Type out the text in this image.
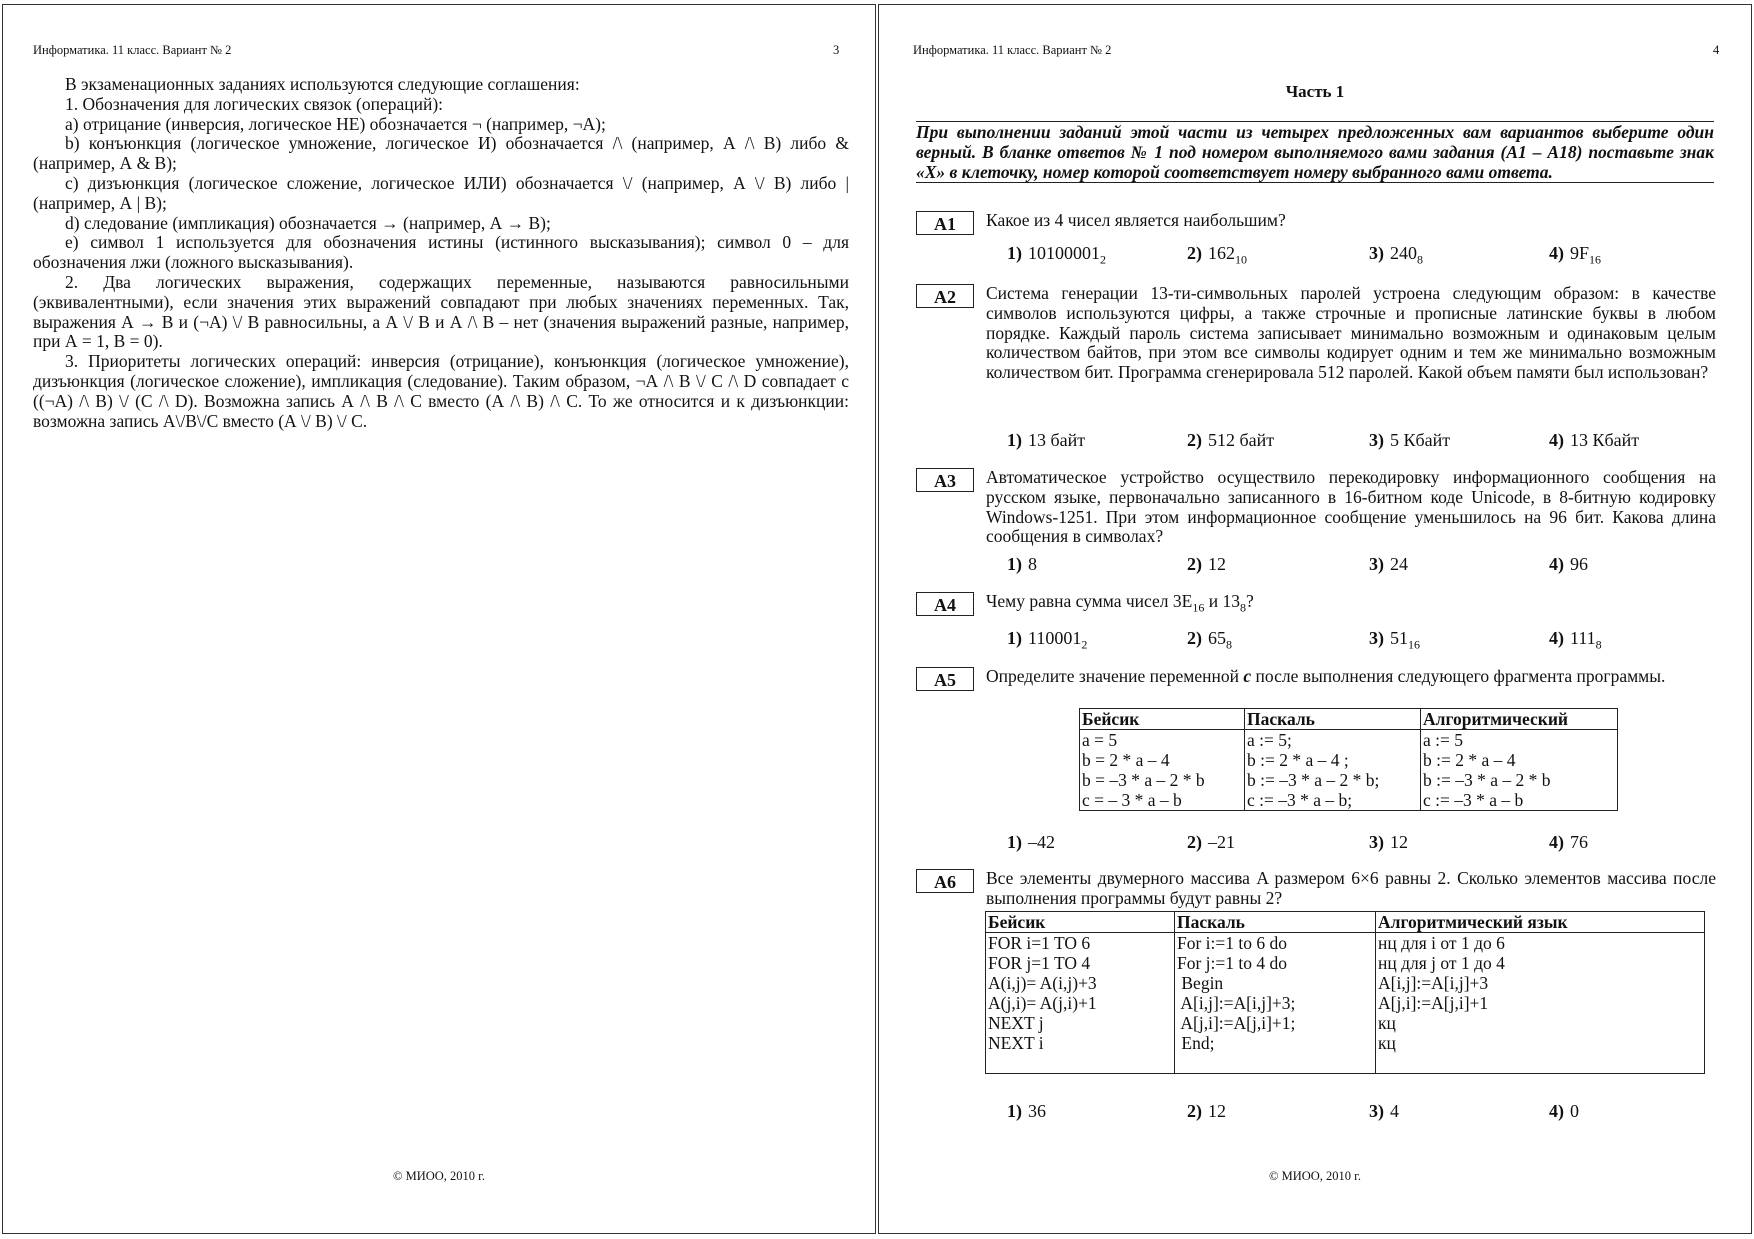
Информатика. 11 класс. Вариант № 2	3

В экзаменационных заданиях используются следующие соглашения:

1. Обозначения для логических связок (операций):

a) отрицание (инверсия, логическое НЕ) обозначается ¬ (например, ¬А);

b) конъюнкция (логическое умножение, логическое И) обозначается /\ (например, А /\ В) либо & (например, А & В);

c) дизъюнкция (логическое сложение, логическое ИЛИ) обозначается \/ (например, А \/ В) либо | (например, А | В);

d) следование (импликация) обозначается → (например, А → В);

e) символ 1 используется для обозначения истины (истинного высказывания); символ 0 – для обозначения лжи (ложного высказывания).

2. Два логических выражения, содержащих переменные, называются равносильными (эквивалентными), если значения этих выражений совпадают при любых значениях переменных. Так, выражения А → В и (¬А) \/ В равносильны, а А \/ В и А /\ В – нет (значения выражений разные, например, при А = 1, В = 0).

3. Приоритеты логических операций: инверсия (отрицание), конъюнкция (логическое умножение), дизъюнкция (логическое сложение), импликация (следование). Таким образом, ¬А /\ В \/ С /\ D совпадает с ((¬А) /\ В) \/ (С /\ D). Возможна запись А /\ В /\ С вместо (А /\ В) /\ С. То же относится и к дизъюнкции: возможна запись А\/В\/С вместо (А \/ В) \/ С.

© МИОО, 2010 г.
Информатика. 11 класс. Вариант № 2	4
Часть 1
При выполнении заданий этой части из четырех предложенных вам вариантов выберите один верный. В бланке ответов № 1 под номером выполняемого вами задания (А1 – А18) поставьте знак «X» в клеточку, номер которой соответствует номеру выбранного вами ответа.
А1	Какое из 4 чисел является наибольшим?
1) $10100001_2$	2) $162_{10}$	3) $240_8$	4) $9F_{16}$
А2	Система генерации 13-ти-символьных паролей устроена следующим образом: в качестве символов используются цифры, а также строчные и прописные латинские буквы в любом порядке. Каждый пароль система записывает минимально возможным и одинаковым целым количеством байтов, при этом все символы кодирует одним и тем же минимально возможным количеством бит. Программа сгенерировала 512 паролей. Какой объем памяти был использован?
1) 13 байт	2) 512 байт	3) 5 Кбайт	4) 13 Кбайт
А3	Автоматическое устройство осуществило перекодировку информационного сообщения на русском языке, первоначально записанного в 16-битном коде Unicode, в 8-битную кодировку Windows-1251. При этом информационное сообщение уменьшилось на 96 бит. Какова длина сообщения в символах?
1) 8	2) 12	3) 24	4) 96
А4	Чему равна сумма чисел $3E_{16}$ и $13_8$?
1) $110001_2$	2) $65_8$	3) $51_{16}$	4) $111_8$
А5	Определите значение переменной c после выполнения следующего фрагмента программы.
Бейсик	Паскаль	Алгоритмический
a = 5	a := 5;	a := 5
b = 2 * a – 4	b := 2 * a – 4 ;	b := 2 * a – 4
b = –3 * a – 2 * b	b := –3 * a – 2 * b;	b := –3 * a – 2 * b
c = – 3 * a – b	c := –3 * a – b;	c := –3 * a – b
1) –42	2) –21	3) 12	4) 76
А6	Все элементы двумерного массива A размером 6×6 равны 2. Сколько элементов массива после выполнения программы будут равны 2?
Бейсик	Паскаль	Алгоритмический язык
FOR i=1 TO 6	For i:=1 to 6 do	нц для i от 1 до 6
FOR j=1 TO 4	For j:=1 to 4 do	нц для j от 1 до 4
A(i,j)= A(i,j)+3	Begin	A[i,j]:=A[i,j]+3
A(j,i)= A(j,i)+1	A[i,j]:=A[i,j]+3;	A[j,i]:=A[j,i]+1
NEXT j	A[j,i]:=A[j,i]+1;	кц
NEXT i	End;	кц

1) 36	2) 12	3) 4	4) 0
© МИОО, 2010 г.
